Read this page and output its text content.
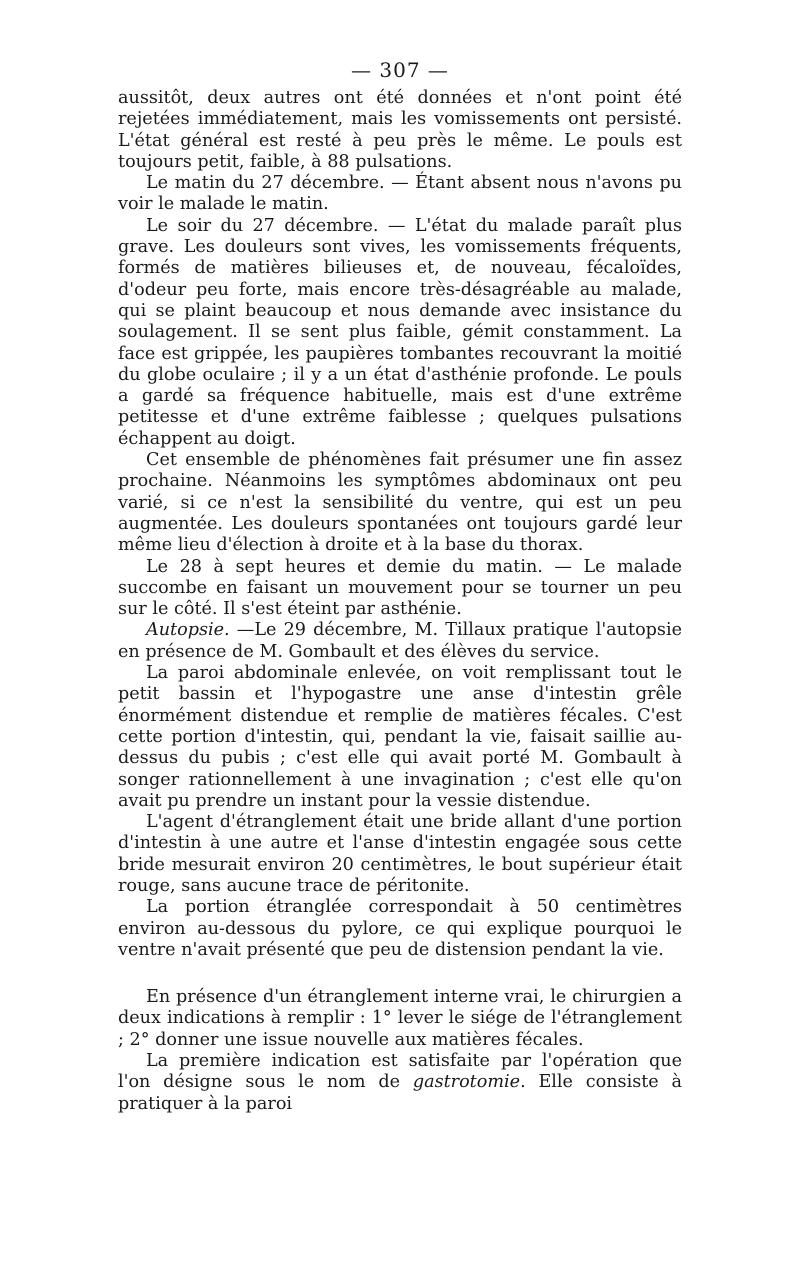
— 307 —

aussitôt, deux autres ont été données et n'ont point été rejetées immédiatement, mais les vomissements ont persisté. L'état général est resté à peu près le même. Le pouls est toujours petit, faible, à 88 pulsations.

Le matin du 27 décembre. — Étant absent nous n'avons pu voir le malade le matin.

Le soir du 27 décembre. — L'état du malade paraît plus grave. Les douleurs sont vives, les vomissements fréquents, formés de matières bilieuses et, de nouveau, fécaloïdes, d'odeur peu forte, mais encore très-désagréable au malade, qui se plaint beaucoup et nous demande avec insistance du soulagement. Il se sent plus faible, gémit constamment. La face est grippée, les paupières tombantes recouvrant la moitié du globe oculaire ; il y a un état d'asthénie profonde. Le pouls a gardé sa fréquence habituelle, mais est d'une extrême petitesse et d'une extrême faiblesse ; quelques pulsations échappent au doigt.

Cet ensemble de phénomènes fait présumer une fin assez prochaine. Néanmoins les symptômes abdominaux ont peu varié, si ce n'est la sensibilité du ventre, qui est un peu augmentée. Les douleurs spontanées ont toujours gardé leur même lieu d'élection à droite et à la base du thorax.

Le 28 à sept heures et demie du matin. — Le malade succombe en faisant un mouvement pour se tourner un peu sur le côté. Il s'est éteint par asthénie.

Autopsie. —Le 29 décembre, M. Tillaux pratique l'autopsie en présence de M. Gombault et des élèves du service.

La paroi abdominale enlevée, on voit remplissant tout le petit bassin et l'hypogastre une anse d'intestin grêle énormément distendue et remplie de matières fécales. C'est cette portion d'intestin, qui, pendant la vie, faisait saillie au-dessus du pubis ; c'est elle qui avait porté M. Gombault à songer rationnellement à une invagination ; c'est elle qu'on avait pu prendre un instant pour la vessie distendue.

L'agent d'étranglement était une bride allant d'une portion d'intestin à une autre et l'anse d'intestin engagée sous cette bride mesurait environ 20 centimètres, le bout supérieur était rouge, sans aucune trace de péritonite.

La portion étranglée correspondait à 50 centimètres environ au-dessous du pylore, ce qui explique pourquoi le ventre n'avait présenté que peu de distension pendant la vie.

En présence d'un étranglement interne vrai, le chirurgien a deux indications à remplir : 1° lever le siége de l'étranglement ; 2° donner une issue nouvelle aux matières fécales.

La première indication est satisfaite par l'opération que l'on désigne sous le nom de gastrotomie. Elle consiste à pratiquer à la paroi
